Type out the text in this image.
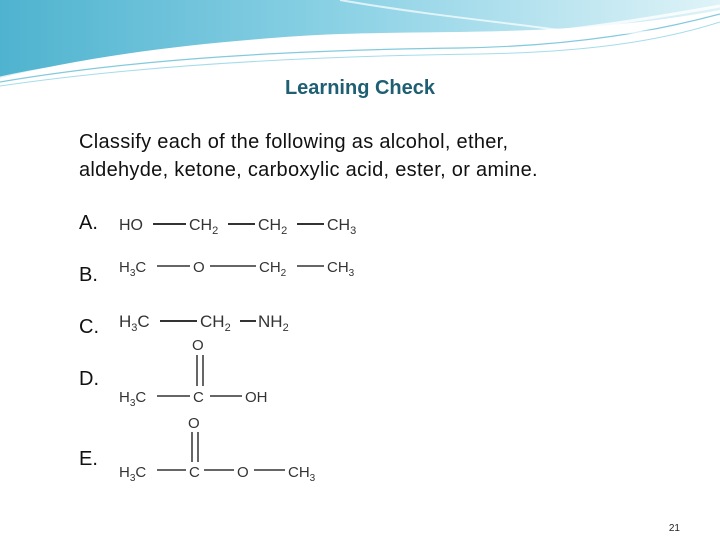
Learning Check
Classify each of the following as alcohol, ether,
aldehyde, ketone, carboxylic acid, ester, or amine.
A.
B.
C.
D.
E.
HO	$CH_2$ $CH_2$ $CH_3$
$H_3C$	O	$CH_2$	$CH_3$
$H_3C$	$CH_2$ $NH_2$
O
$H_3C$	C	OH
O
$H_3C$	C O	$CH_3$
21
